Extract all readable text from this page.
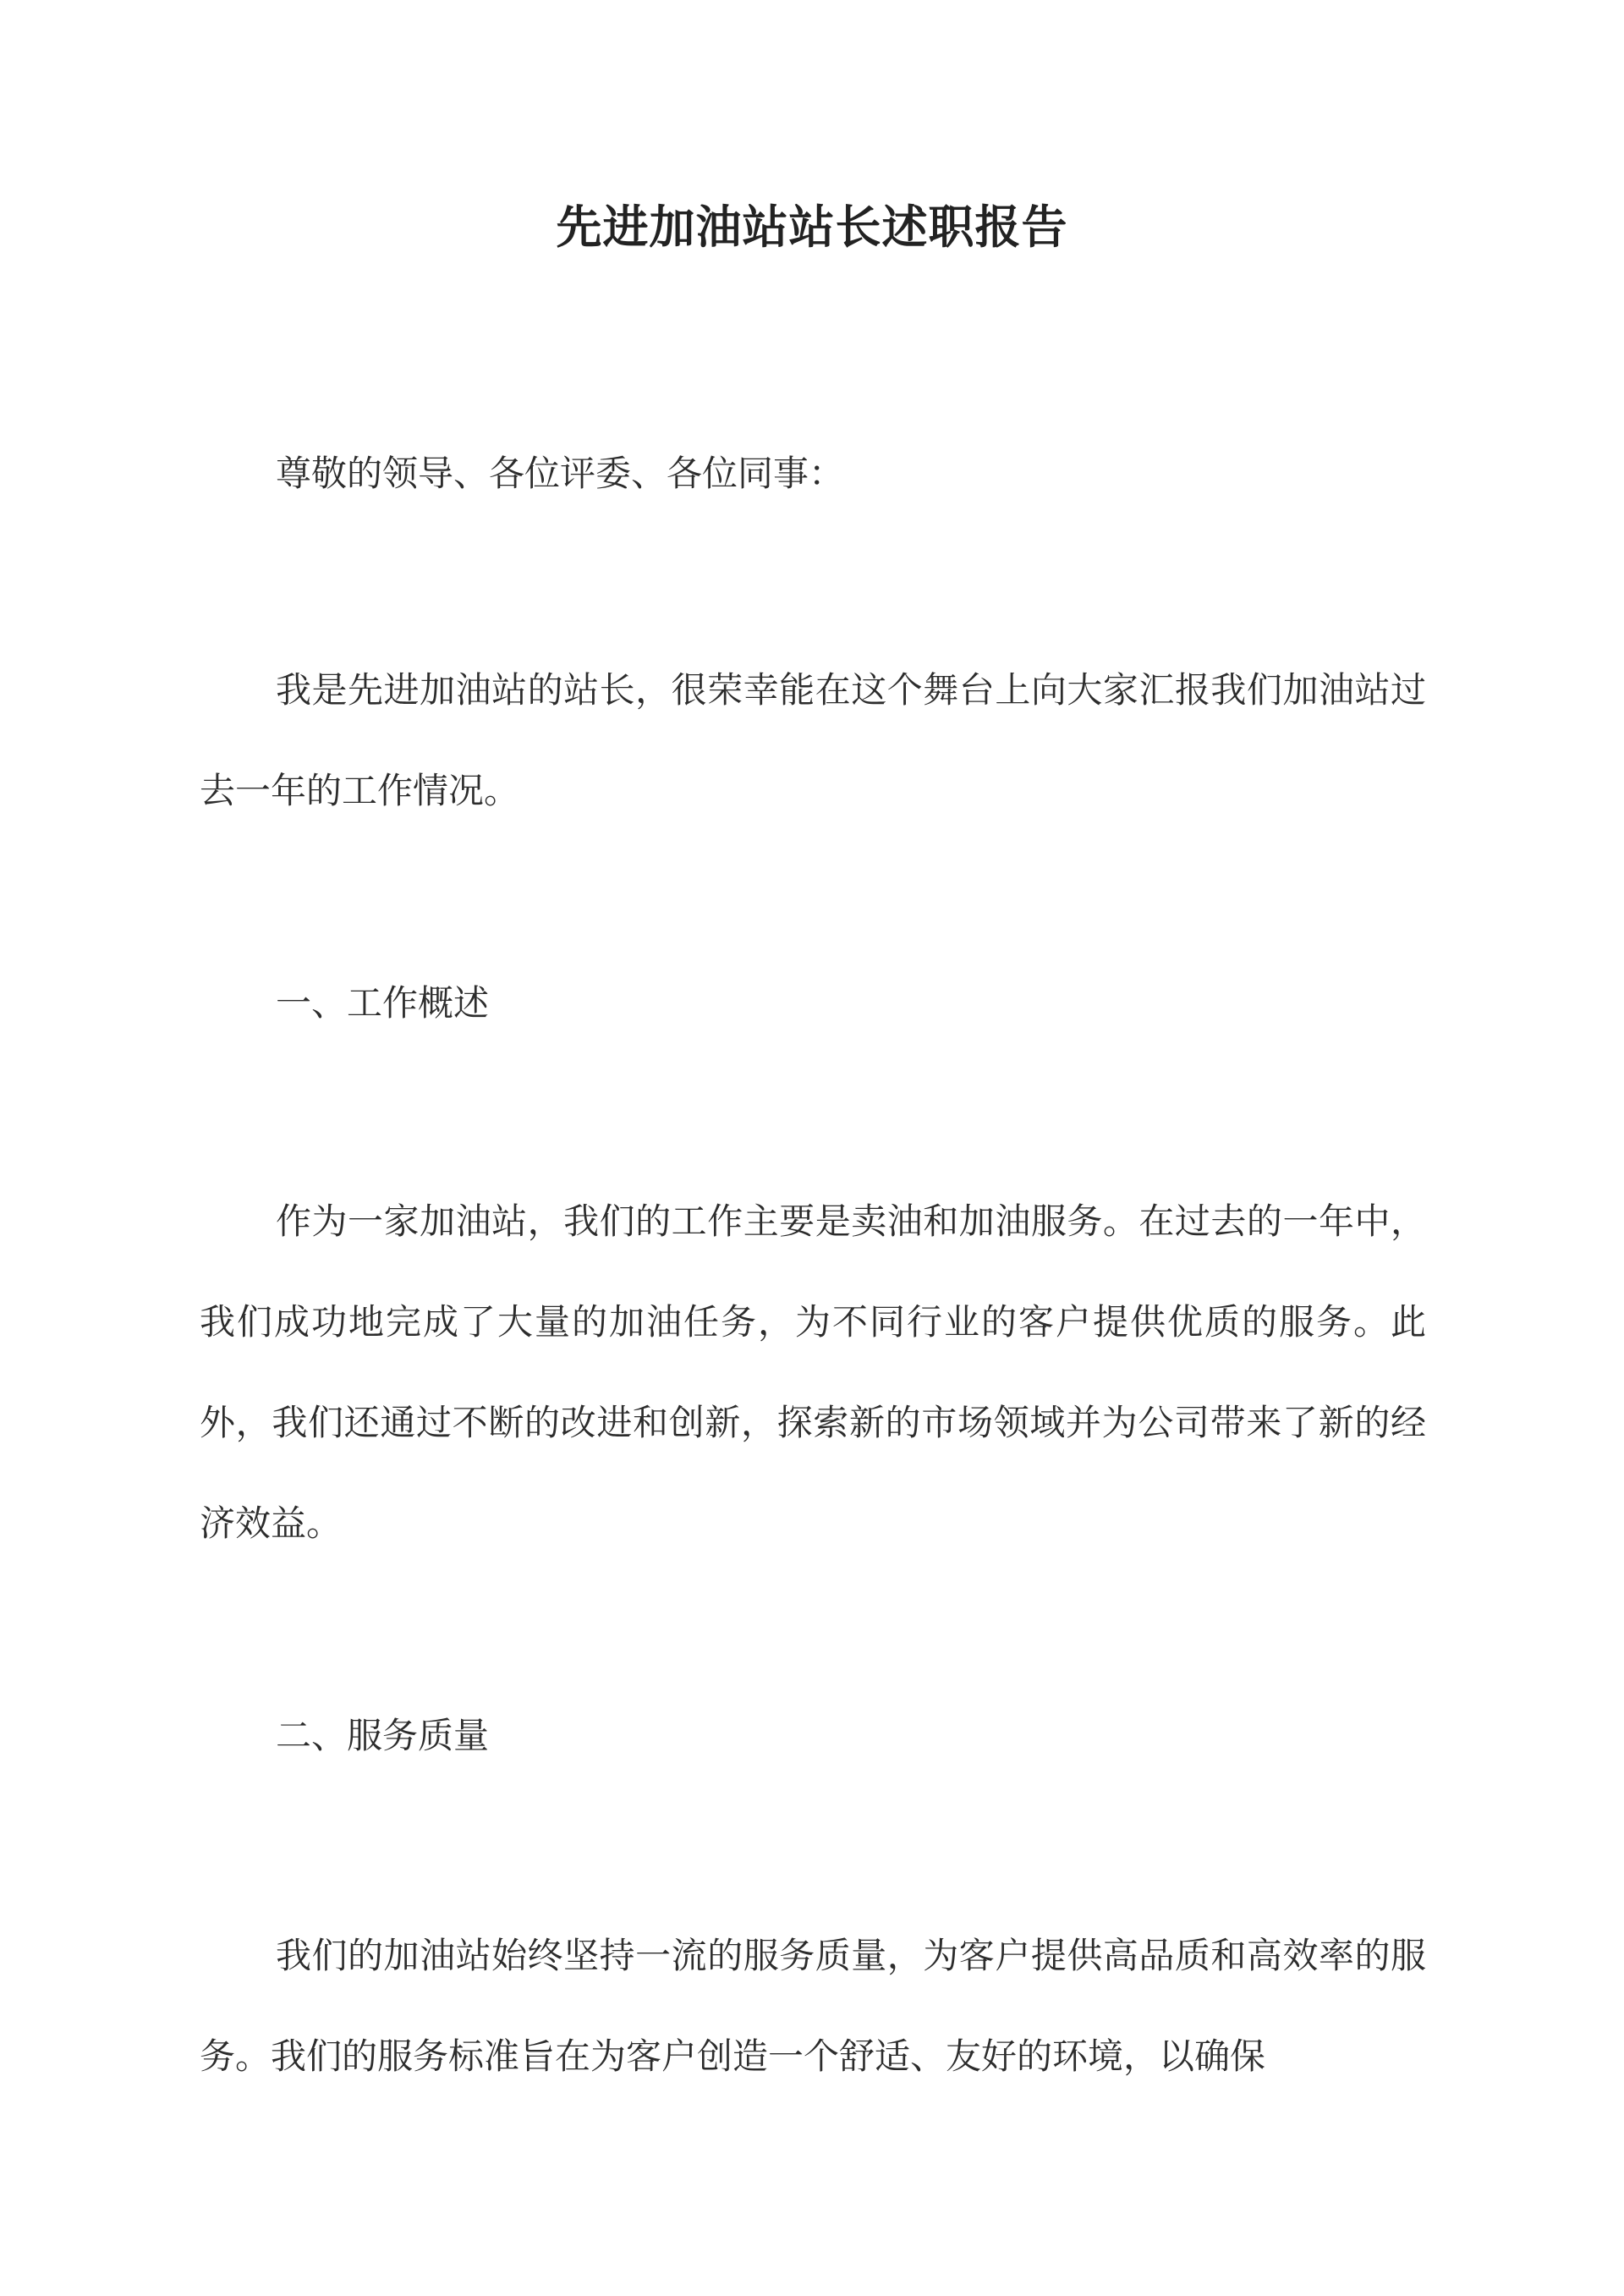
先进加油站站长述职报告

尊敬的领导、各位评委、各位同事：

我是先进加油站的站长，很荣幸能在这个舞台上向大家汇报我们加油站过去一年的工作情况。

一、工作概述

作为一家加油站，我们的工作主要是卖油和加油服务。在过去的一年中，我们成功地完成了大量的加油任务，为不同行业的客户提供优质的服务。此外，我们还通过不断的改进和创新，探索新的市场领域并为公司带来了新的经济效益。

二、服务质量

我们的加油站始终坚持一流的服务质量，为客户提供高品质和高效率的服务。我们的服务标准旨在为客户创造一个舒适、友好的环境，以确保
